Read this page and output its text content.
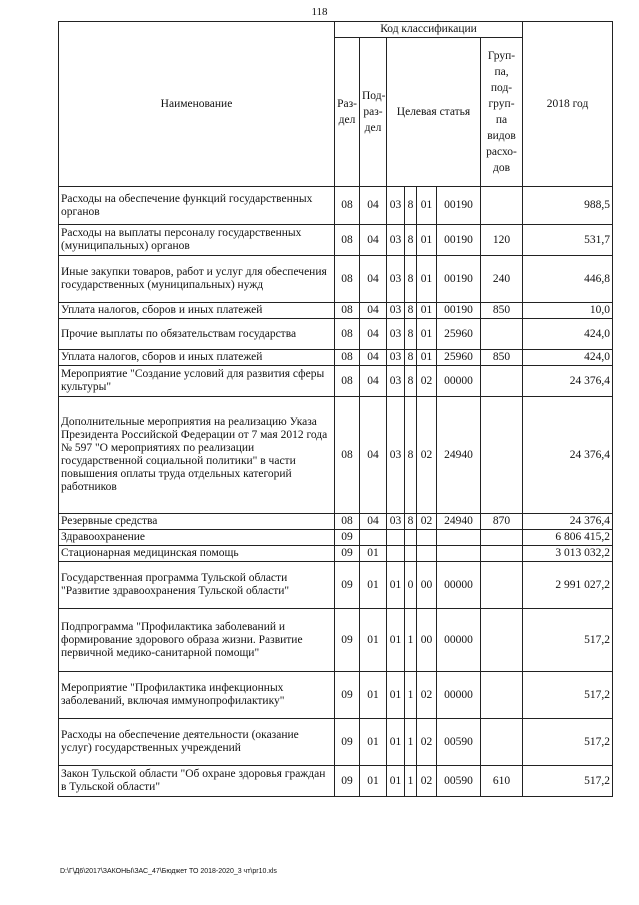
118
Наименование	Код классификации							2018 год
	Раз-дел	Под-раз-дел	Целевая статья				Груп-па, под-груп-па видов расхо-дов	
Расходы на обеспечение функций государственных органов	08	04	03	8	01	00190		988,5
Расходы на выплаты персоналу государственных (муниципальных) органов	08	04	03	8	01	00190	120	531,7
Иные закупки товаров, работ и услуг для обеспечения государственных (муниципальных) нужд	08	04	03	8	01	00190	240	446,8
Уплата налогов, сборов и иных платежей	08	04	03	8	01	00190	850	10,0
Прочие выплаты по обязательствам государства	08	04	03	8	01	25960		424,0
Уплата налогов, сборов и иных платежей	08	04	03	8	01	25960	850	424,0
Мероприятие "Создание условий для развития сферы культуры"	08	04	03	8	02	00000		24 376,4
Дополнительные мероприятия на реализацию Указа Президента Российской Федерации от 7 мая 2012 года № 597 "О мероприятиях по реализации государственной социальной политики" в части повышения оплаты труда отдельных категорий работников	08	04	03	8	02	24940		24 376,4
Резервные средства	08	04	03	8	02	24940	870	24 376,4
Здравоохранение	09							6 806 415,2
Стационарная медицинская помощь	09	01						3 013 032,2
Государственная программа Тульской области "Развитие здравоохранения Тульской области"	09	01	01	0	00	00000		2 991 027,2
Подпрограмма "Профилактика заболеваний и формирование здорового образа жизни. Развитие первичной медико-санитарной помощи"	09	01	01	1	00	00000		517,2
Мероприятие "Профилактика инфекционных заболеваний, включая иммунопрофилактику"	09	01	01	1	02	00000		517,2
Расходы на обеспечение деятельности (оказание услуг) государственных учреждений	09	01	01	1	02	00590		517,2
Закон Тульской области "Об охране здоровья граждан в Тульской области"	09	01	01	1	02	00590	610	517,2
D:\Г\Д6\2017\ЗАКОНЫ\ЗАС_47\Бюджет ТО 2018-2020_3 чт\рr10.xls
